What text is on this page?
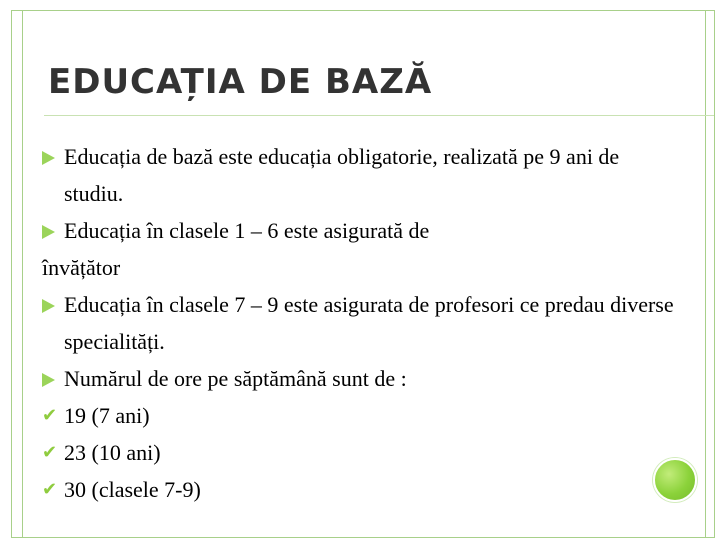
EDUCAȚIA DE BAZĂ
Educația de bază este educația obligatorie, realizată pe 9 ani de studiu.
Educația în clasele 1 – 6 este asigurată de
învățător
Educația în clasele 7 – 9 este asigurata de profesori ce predau diverse specialități.
Numărul de ore pe săptămână sunt de :
✔ 19 (7 ani)
✔ 23 (10 ani)
✔ 30 (clasele 7-9)
